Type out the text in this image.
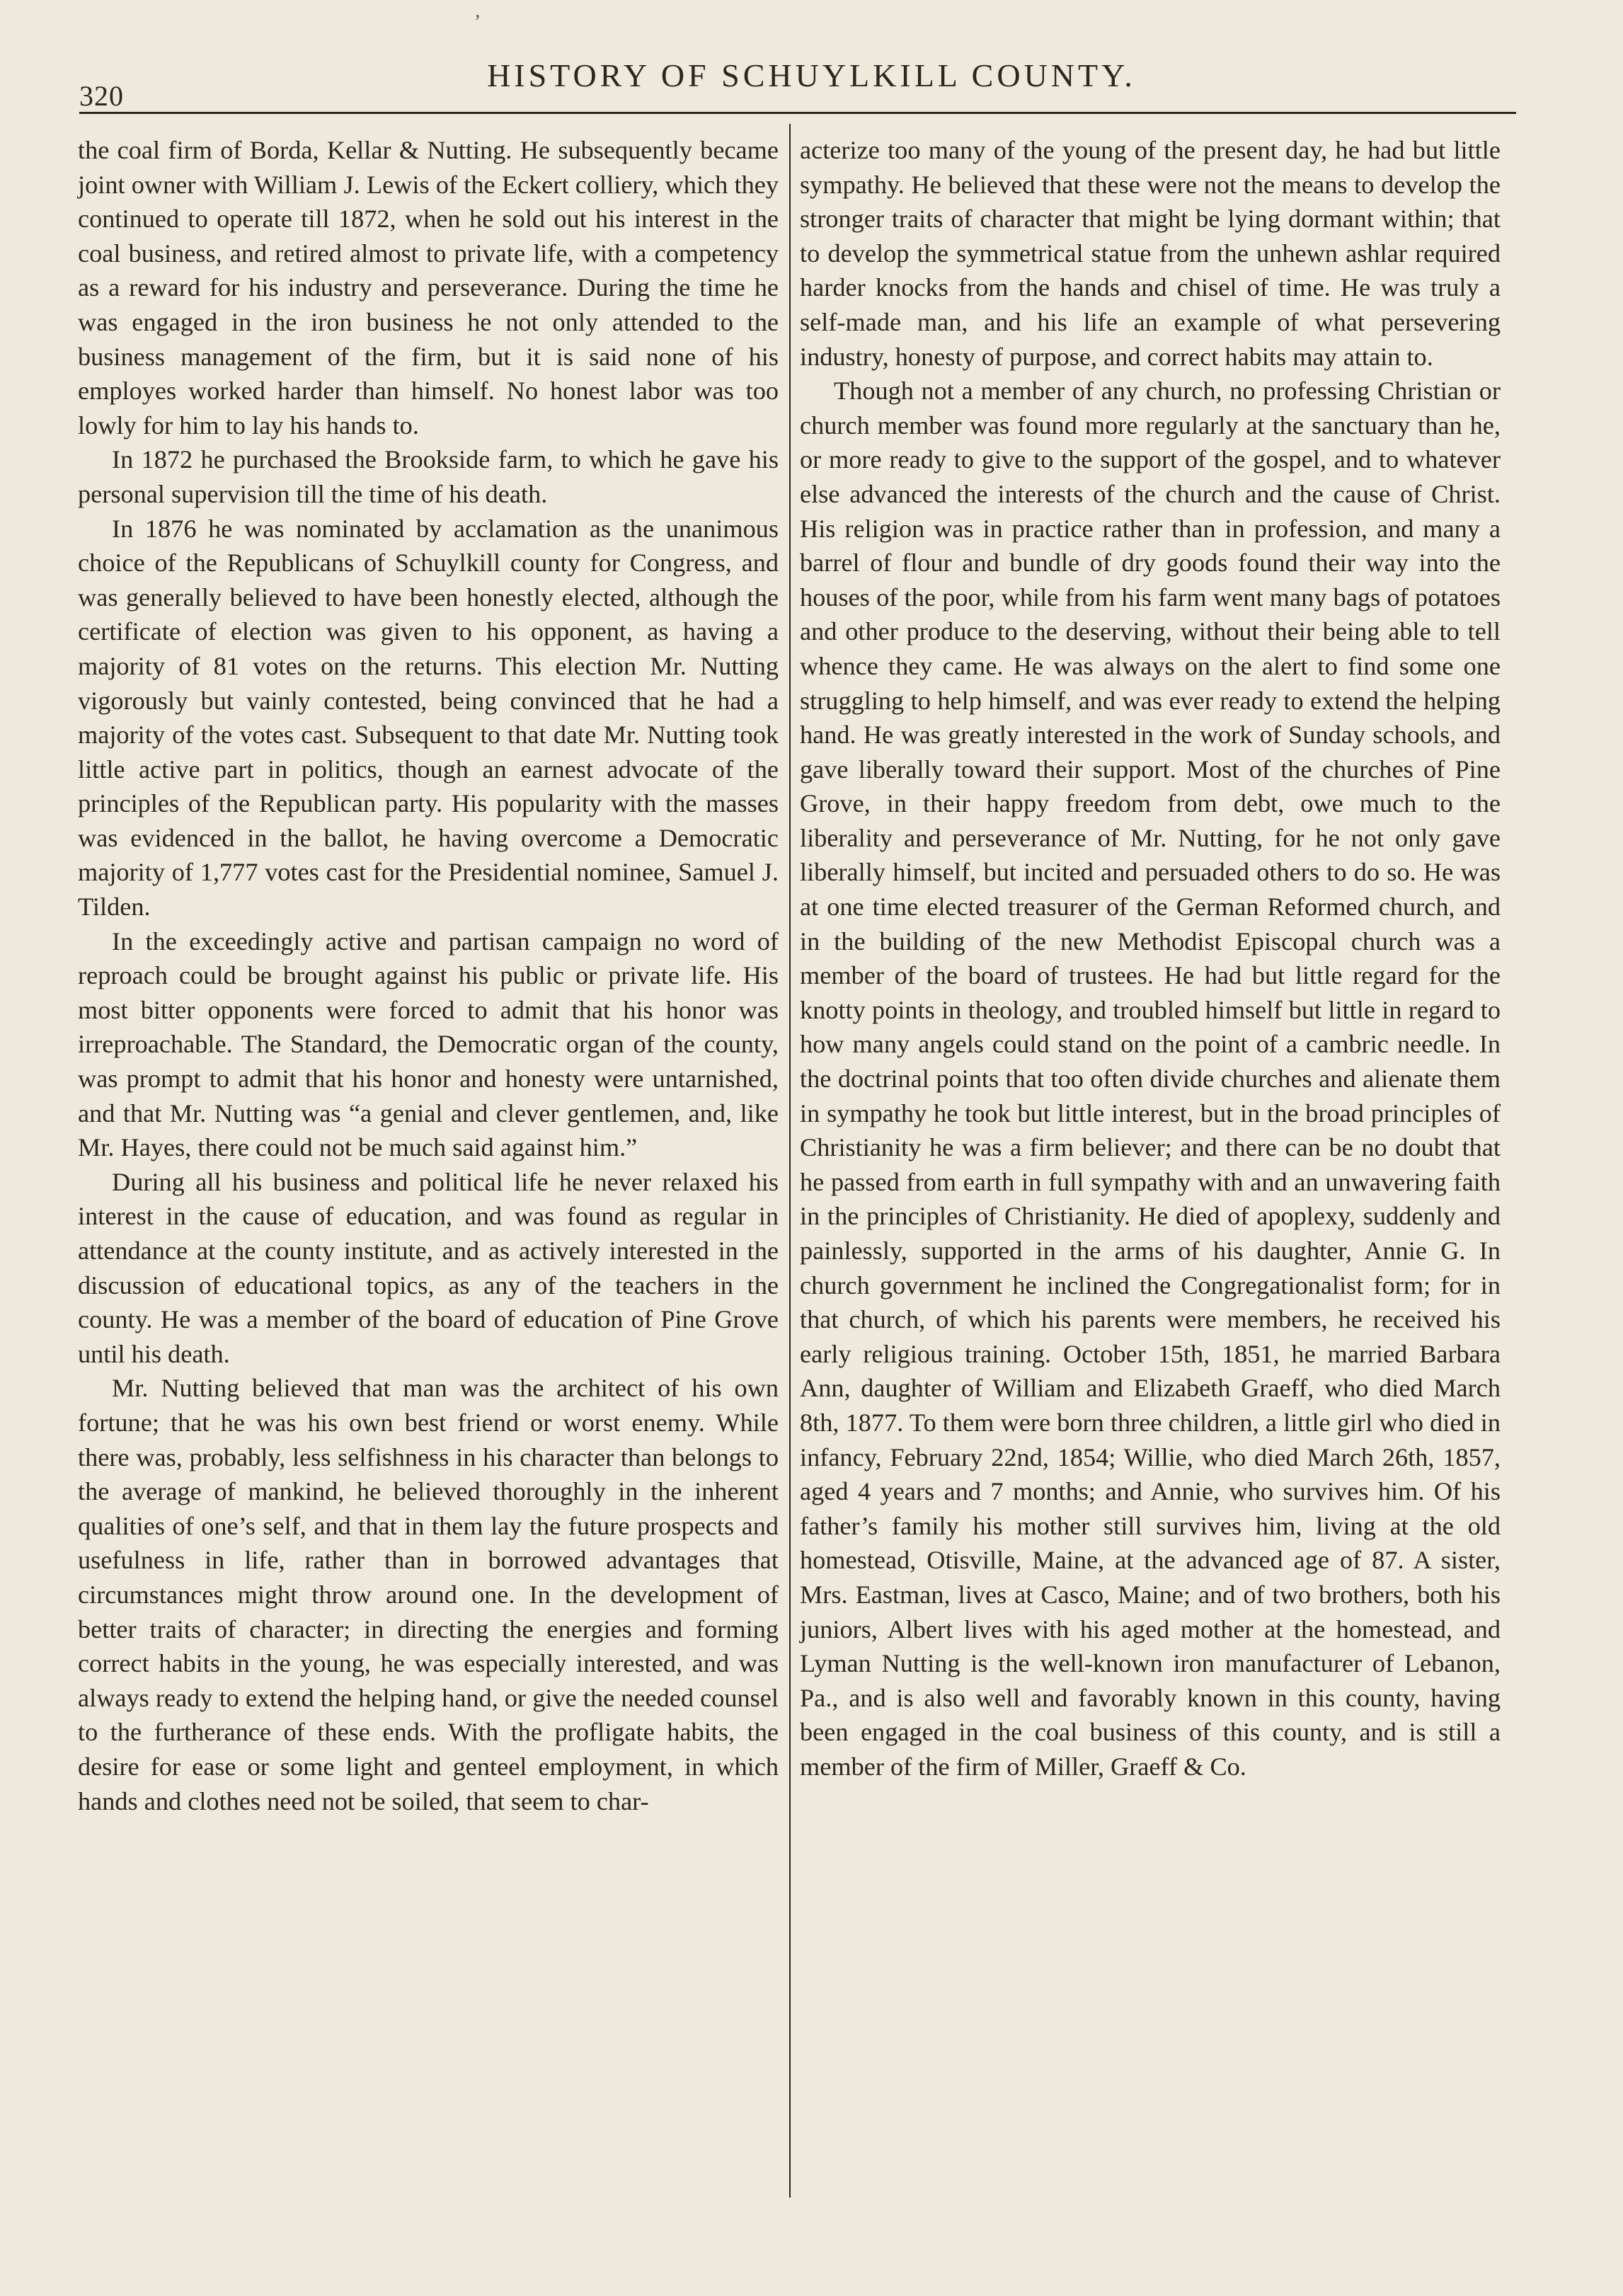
‚
320
HISTORY OF SCHUYLKILL COUNTY.

the coal firm of Borda, Kellar & Nutting. He subsequently became joint owner with William J. Lewis of the Eckert colliery, which they continued to operate till 1872, when he sold out his interest in the coal business, and retired almost to private life, with a competency as a reward for his industry and perseverance. During the time he was engaged in the iron business he not only attended to the business management of the firm, but it is said none of his employes worked harder than himself. No honest labor was too lowly for him to lay his hands to.

In 1872 he purchased the Brookside farm, to which he gave his personal supervision till the time of his death.

In 1876 he was nominated by acclamation as the unanimous choice of the Republicans of Schuylkill county for Congress, and was generally believed to have been honestly elected, although the certificate of election was given to his opponent, as having a majority of 81 votes on the returns. This election Mr. Nutting vigorously but vainly contested, being convinced that he had a majority of the votes cast. Subsequent to that date Mr. Nutting took little active part in politics, though an earnest advocate of the principles of the Republican party. His popularity with the masses was evidenced in the ballot, he having overcome a Democratic majority of 1,777 votes cast for the Presidential nominee, Samuel J. Tilden.

In the exceedingly active and partisan campaign no word of reproach could be brought against his public or private life. His most bitter opponents were forced to admit that his honor was irreproachable. The Standard, the Democratic organ of the county, was prompt to admit that his honor and honesty were untarnished, and that Mr. Nutting was “a genial and clever gentlemen, and, like Mr. Hayes, there could not be much said against him.”

During all his business and political life he never relaxed his interest in the cause of education, and was found as regular in attendance at the county institute, and as actively interested in the discussion of educational topics, as any of the teachers in the county. He was a member of the board of education of Pine Grove until his death.

Mr. Nutting believed that man was the architect of his own fortune; that he was his own best friend or worst enemy. While there was, probably, less selfishness in his character than belongs to the average of mankind, he believed thoroughly in the inherent qualities of one’s self, and that in them lay the future prospects and usefulness in life, rather than in borrowed advantages that circumstances might throw around one. In the development of better traits of character; in directing the energies and forming correct habits in the young, he was especially interested, and was always ready to extend the helping hand, or give the needed counsel to the furtherance of these ends. With the profligate habits, the desire for ease or some light and genteel employment, in which hands and clothes need not be soiled, that seem to char-

acterize too many of the young of the present day, he had but little sympathy. He believed that these were not the means to develop the stronger traits of character that might be lying dormant within; that to develop the symmetrical statue from the unhewn ashlar required harder knocks from the hands and chisel of time. He was truly a self-made man, and his life an example of what persevering industry, honesty of purpose, and correct habits may attain to.

Though not a member of any church, no professing Christian or church member was found more regularly at the sanctuary than he, or more ready to give to the support of the gospel, and to whatever else advanced the interests of the church and the cause of Christ. His religion was in practice rather than in profession, and many a barrel of flour and bundle of dry goods found their way into the houses of the poor, while from his farm went many bags of potatoes and other produce to the deserving, without their being able to tell whence they came. He was always on the alert to find some one struggling to help himself, and was ever ready to extend the helping hand. He was greatly interested in the work of Sunday schools, and gave liberally toward their support. Most of the churches of Pine Grove, in their happy freedom from debt, owe much to the liberality and perseverance of Mr. Nutting, for he not only gave liberally himself, but incited and persuaded others to do so. He was at one time elected treasurer of the German Reformed church, and in the building of the new Methodist Episcopal church was a member of the board of trustees. He had but little regard for the knotty points in theology, and troubled himself but little in regard to how many angels could stand on the point of a cambric needle. In the doctrinal points that too often divide churches and alienate them in sympathy he took but little interest, but in the broad principles of Christianity he was a firm believer; and there can be no doubt that he passed from earth in full sympathy with and an unwavering faith in the principles of Christianity. He died of apoplexy, suddenly and painlessly, supported in the arms of his daughter, Annie G. In church government he inclined the Congregationalist form; for in that church, of which his parents were members, he received his early religious training. October 15th, 1851, he married Barbara Ann, daughter of William and Elizabeth Graeff, who died March 8th, 1877. To them were born three children, a little girl who died in infancy, February 22nd, 1854; Willie, who died March 26th, 1857, aged 4 years and 7 months; and Annie, who survives him. Of his father’s family his mother still survives him, living at the old homestead, Otisville, Maine, at the advanced age of 87. A sister, Mrs. Eastman, lives at Casco, Maine; and of two brothers, both his juniors, Albert lives with his aged mother at the homestead, and Lyman Nutting is the well-known iron manufacturer of Lebanon, Pa., and is also well and favorably known in this county, having been engaged in the coal business of this county, and is still a member of the firm of Miller, Graeff & Co.
